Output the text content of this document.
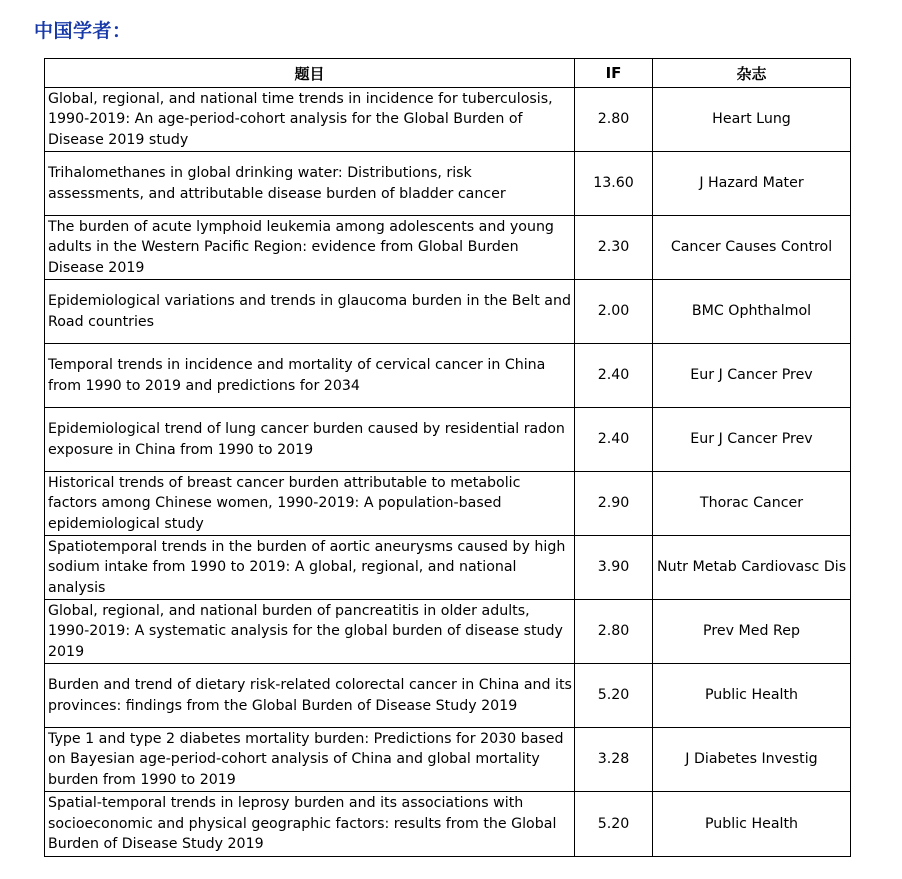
中国学者：
题目	IF	杂志
Global, regional, and national time trends in incidence for tuberculosis, 1990-2019: An age-period-cohort analysis for the Global Burden of Disease 2019 study	2.80	Heart Lung
Trihalomethanes in global drinking water: Distributions, risk assessments, and attributable disease burden of bladder cancer	13.60	J Hazard Mater
The burden of acute lymphoid leukemia among adolescents and young adults in the Western Pacific Region: evidence from Global Burden Disease 2019	2.30	Cancer Causes Control
Epidemiological variations and trends in glaucoma burden in the Belt and Road countries	2.00	BMC Ophthalmol
Temporal trends in incidence and mortality of cervical cancer in China from 1990 to 2019 and predictions for 2034	2.40	Eur J Cancer Prev
Epidemiological trend of lung cancer burden caused by residential radon exposure in China from 1990 to 2019	2.40	Eur J Cancer Prev
Historical trends of breast cancer burden attributable to metabolic factors among Chinese women, 1990-2019: A population-based epidemiological study	2.90	Thorac Cancer
Spatiotemporal trends in the burden of aortic aneurysms caused by high sodium intake from 1990 to 2019: A global, regional, and national analysis	3.90	Nutr Metab Cardiovasc Dis
Global, regional, and national burden of pancreatitis in older adults, 1990-2019: A systematic analysis for the global burden of disease study 2019	2.80	Prev Med Rep
Burden and trend of dietary risk-related colorectal cancer in China and its provinces: findings from the Global Burden of Disease Study 2019	5.20	Public Health
Type 1 and type 2 diabetes mortality burden: Predictions for 2030 based on Bayesian age-period-cohort analysis of China and global mortality burden from 1990 to 2019	3.28	J Diabetes Investig
Spatial-temporal trends in leprosy burden and its associations with socioeconomic and physical geographic factors: results from the Global Burden of Disease Study 2019	5.20	Public Health
